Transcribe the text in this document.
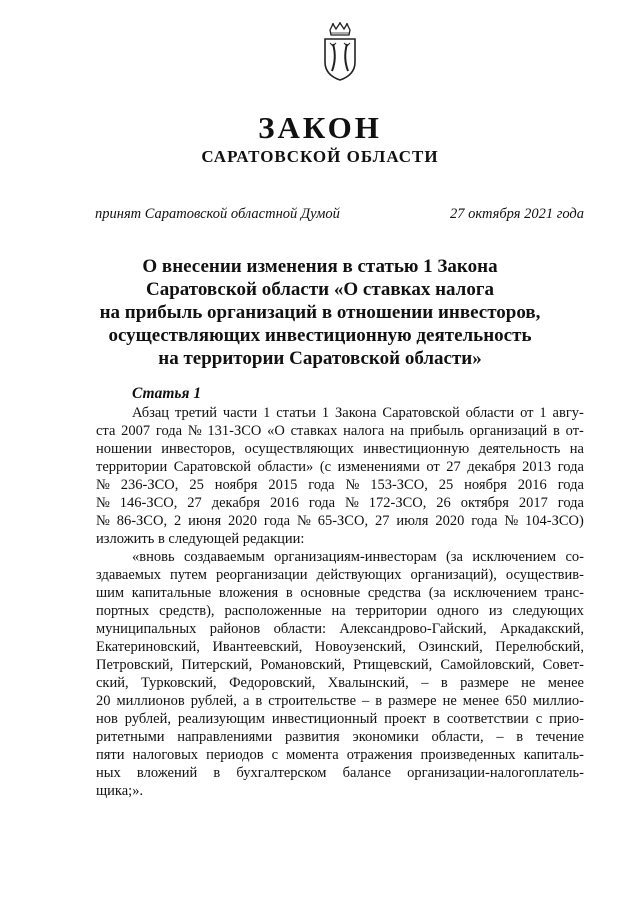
ЗАКОН
САРАТОВСКОЙ ОБЛАСТИ
принят Саратовской областной Думой	27 октября 2021 года
О внесении изменения в статью 1 Закона
Саратовской области «О ставках налога
на прибыль организаций в отношении инвесторов,
осуществляющих инвестиционную деятельность
на территории Саратовской области»
Статья 1
Абзац третий части 1 статьи 1 Закона Саратовской области от 1 авгу-
ста 2007 года № 131-ЗСО «О ставках налога на прибыль организаций в от-
ношении инвесторов, осуществляющих инвестиционную деятельность на
территории Саратовской области» (с изменениями от 27 декабря 2013 года
№ 236-ЗСО, 25 ноября 2015 года № 153-ЗСО, 25 ноября 2016 года
№ 146-ЗСО, 27 декабря 2016 года № 172-ЗСО, 26 октября 2017 года
№ 86-ЗСО, 2 июня 2020 года № 65-ЗСО, 27 июля 2020 года № 104-ЗСО)
изложить в следующей редакции:
«вновь создаваемым организациям-инвесторам (за исключением со-
здаваемых путем реорганизации действующих организаций), осуществив-
шим капитальные вложения в основные средства (за исключением транс-
портных средств), расположенные на территории одного из следующих
муниципальных районов области: Александрово-Гайский, Аркадакский,
Екатериновский, Ивантеевский, Новоузенский, Озинский, Перелюбский,
Петровский, Питерский, Романовский, Ртищевский, Самойловский, Совет-
ский, Турковский, Федоровский, Хвалынский, – в размере не менее
20 миллионов рублей, а в строительстве – в размере не менее 650 миллио-
нов рублей, реализующим инвестиционный проект в соответствии с прио-
ритетными направлениями развития экономики области, – в течение
пяти налоговых периодов с момента отражения произведенных капиталь-
ных вложений в бухгалтерском балансе организации-налогоплатель-
щика;».
